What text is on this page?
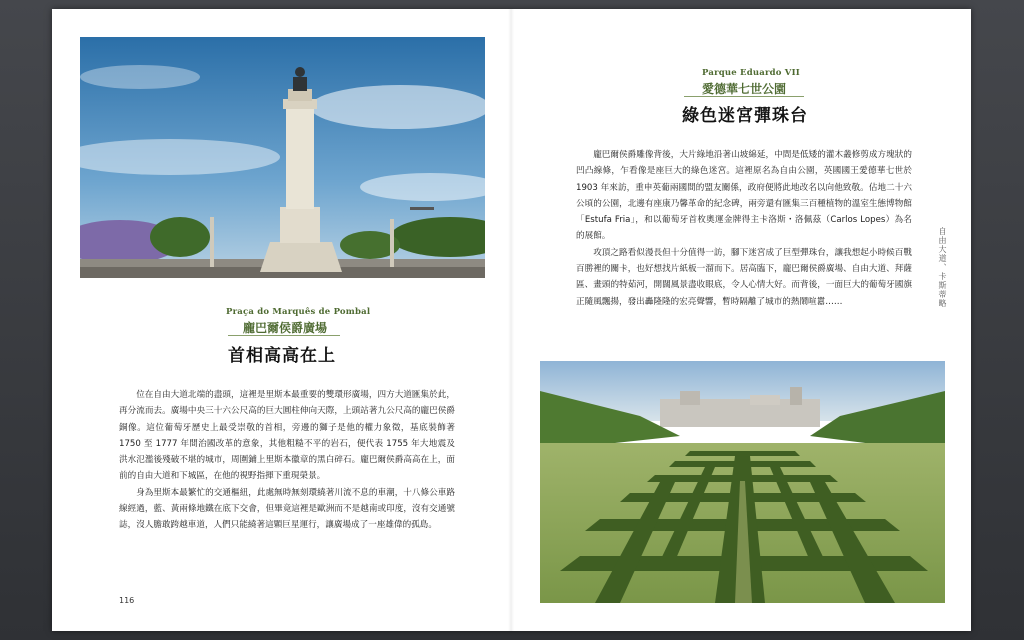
Praça do Marquês de Pombal
龐巴爾侯爵廣場
首相高高在上

位在自由大道北端的盡頭，這裡是里斯本最重要的雙環形廣場，四方大道匯集於此，再分流而去。廣場中央三十六公尺高的巨大圓柱伸向天際，上頭站著九公尺高的龐巴侯爵銅像。這位葡萄牙歷史上最受崇敬的首相，旁邊的獅子是他的權力象徵，基底裝飾著 1750 至 1777 年間治國改革的意象，其他粗糙不平的岩石，便代表 1755 年大地震及洪水氾濫後殘破不堪的城市，周圍鋪上里斯本徽章的黑白碎石。龐巴爾侯爵高高在上，面前的自由大道和下城區，在他的視野指揮下重現榮景。

身為里斯本最繁忙的交通樞紐，此處無時無刻環繞著川流不息的車潮，十八條公車路線經過，藍、黃兩條地鐵在底下交會，但畢竟這裡是歐洲而不是越南或印度，沒有交通號誌，沒人膽敢跨越車道，人們只能繞著這顆巨星運行，讓廣場成了一座雄偉的孤島。

116
Parque Eduardo VII
愛德華七世公園
綠色迷宮彈珠台

龐巴爾侯爵雕像背後，大片綠地沿著山坡綿延，中間是低矮的灌木叢修剪成方塊狀的凹凸線條，乍看像是座巨大的綠色迷宮。這裡原名為自由公園，英國國王愛德華七世於 1903 年來訪，重申英葡兩國間的盟友關係，政府便將此地改名以向他致敬。佔地二十六公頃的公園，北邊有座康乃馨革命的紀念碑，兩旁還有匯集三百種植物的溫室生態博物館「Estufa Fria」，和以葡萄牙首枚奧運金牌得主卡洛斯・洛佩茲（Carlos Lopes）為名的展館。

攻頂之路看似漫長但十分值得一訪，腳下迷宮成了巨型彈珠台，讓我想起小時候百戰百勝裡的關卡，也好想找片紙板一溜而下。居高臨下，龐巴爾侯爵廣場、自由大道、拜薩區、畫頭的特茹河，開闊風景盡收眼底，令人心情大好。而背後，一面巨大的葡萄牙國旗正隨風飄揚，發出轟隆隆的宏亮聲響，暫時隔離了城市的熱鬧喧囂……	自由大道、卡斯蒂略
